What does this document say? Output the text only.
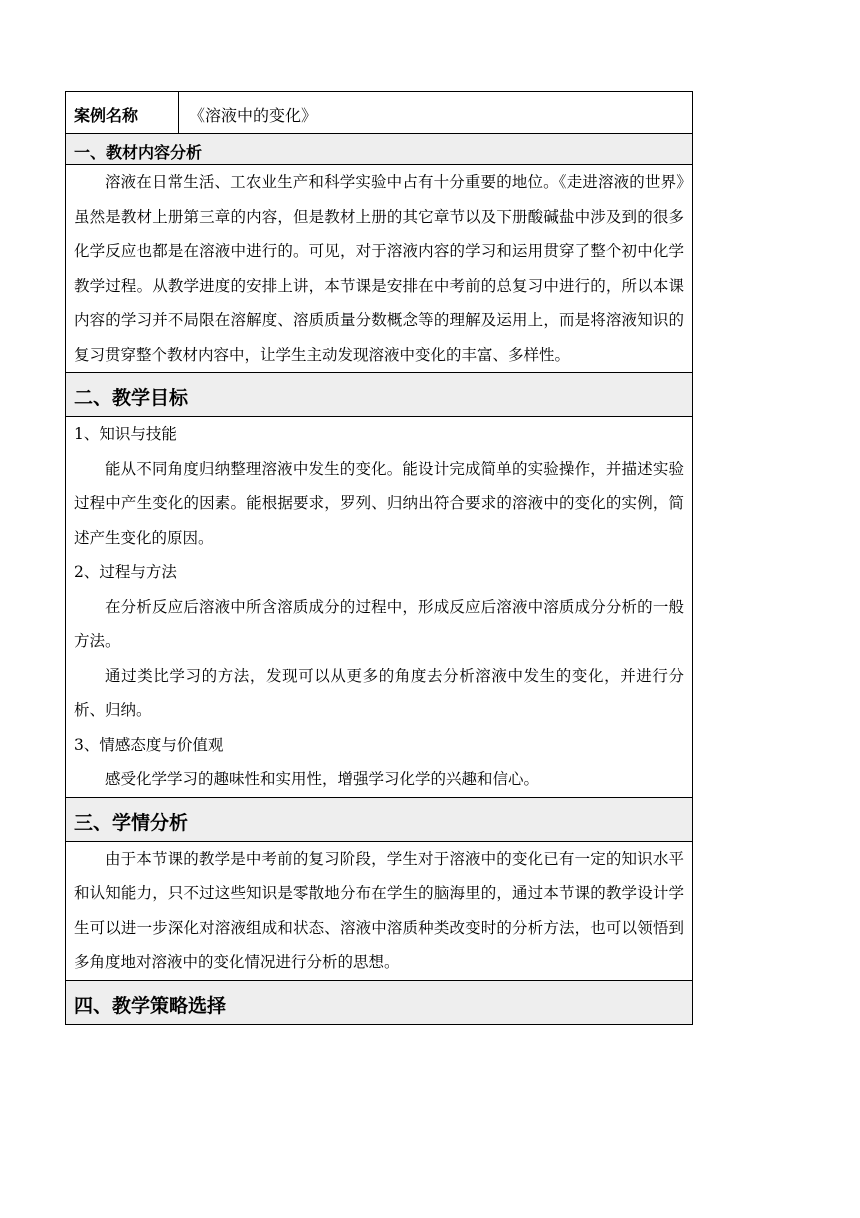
案例名称	《溶液中的变化》
一、教材内容分析

溶液在日常生活、工农业生产和科学实验中占有十分重要的地位。《走进溶液的世界》虽然是教材上册第三章的内容，但是教材上册的其它章节以及下册酸碱盐中涉及到的很多化学反应也都是在溶液中进行的。可见，对于溶液内容的学习和运用贯穿了整个初中化学教学过程。从教学进度的安排上讲，本节课是安排在中考前的总复习中进行的，所以本课内容的学习并不局限在溶解度、溶质质量分数概念等的理解及运用上，而是将溶液知识的复习贯穿整个教材内容中，让学生主动发现溶液中变化的丰富、多样性。

二、教学目标

1、知识与技能

能从不同角度归纳整理溶液中发生的变化。能设计完成简单的实验操作，并描述实验过程中产生变化的因素。能根据要求，罗列、归纳出符合要求的溶液中的变化的实例，简述产生变化的原因。

2、过程与方法

在分析反应后溶液中所含溶质成分的过程中，形成反应后溶液中溶质成分分析的一般方法。

通过类比学习的方法，发现可以从更多的角度去分析溶液中发生的变化，并进行分析、归纳。

3、情感态度与价值观

感受化学学习的趣味性和实用性，增强学习化学的兴趣和信心。

三、学情分析

由于本节课的教学是中考前的复习阶段，学生对于溶液中的变化已有一定的知识水平和认知能力，只不过这些知识是零散地分布在学生的脑海里的，通过本节课的教学设计学生可以进一步深化对溶液组成和状态、溶液中溶质种类改变时的分析方法，也可以领悟到多角度地对溶液中的变化情况进行分析的思想。

四、教学策略选择
